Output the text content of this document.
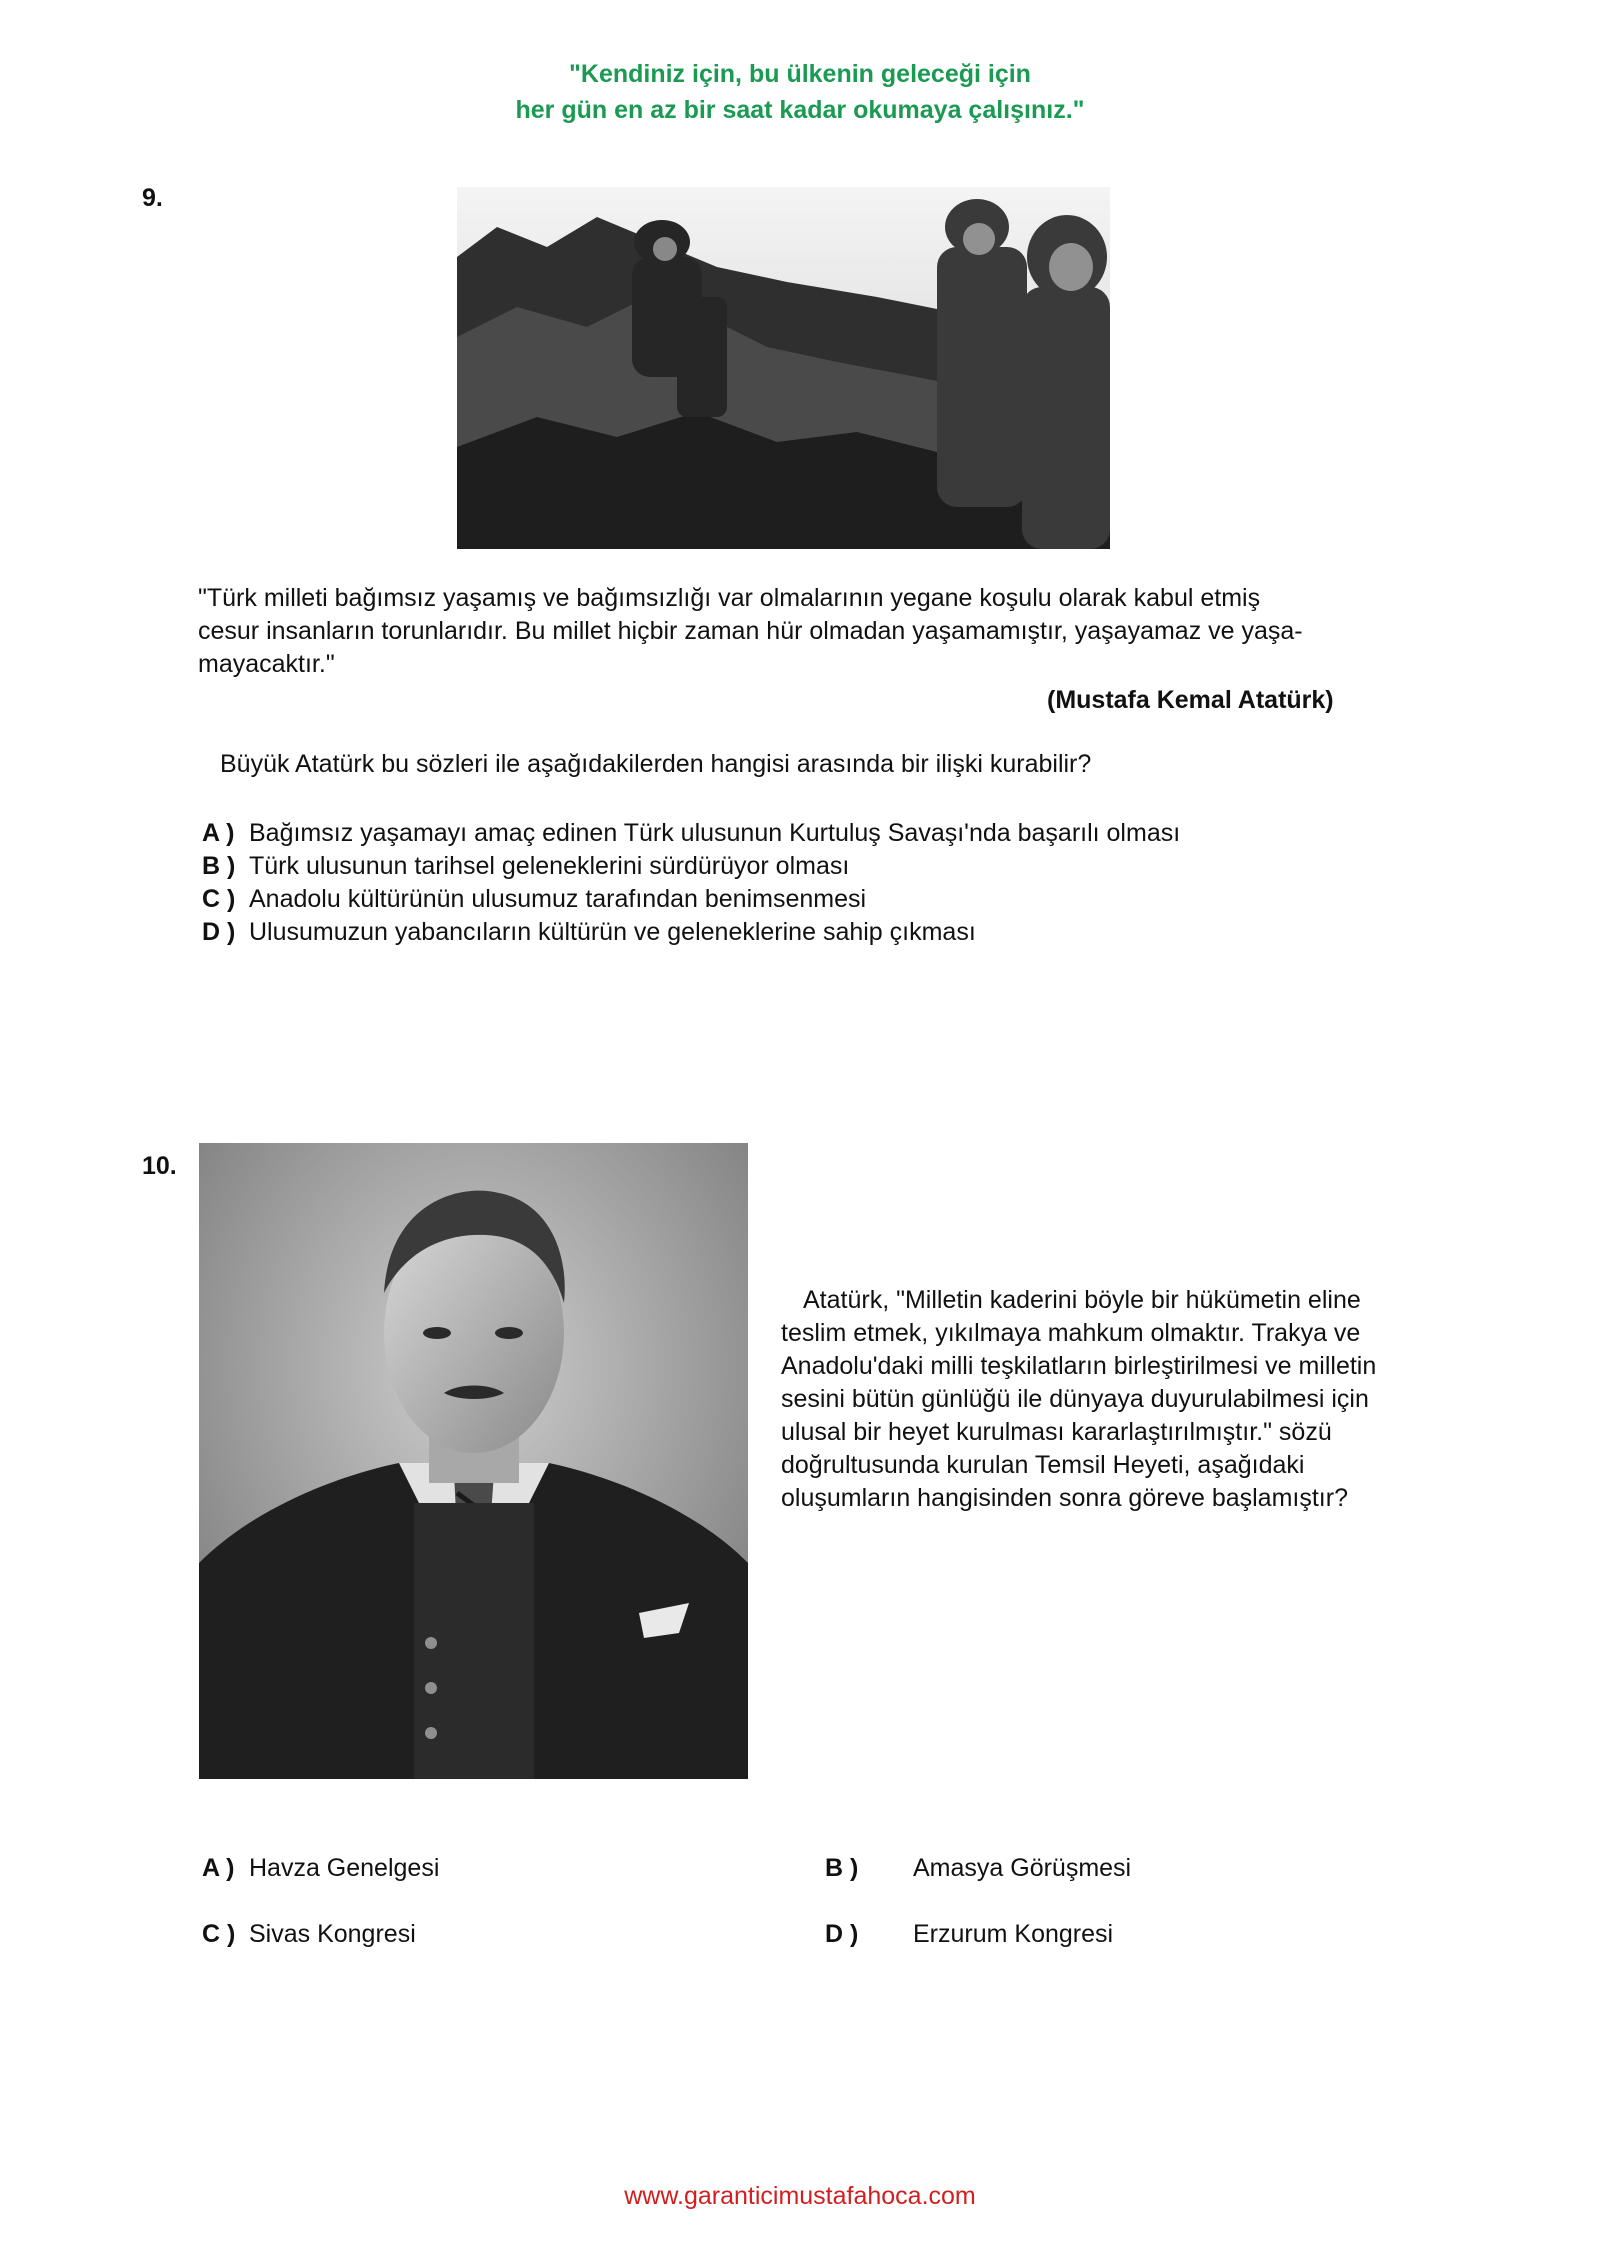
"Kendiniz için, bu ülkenin geleceği için
her gün en az bir saat kadar okumaya çalışınız."
9.
"Türk milleti bağımsız yaşamış ve bağımsızlığı var olmalarının yegane koşulu olarak kabul etmiş
cesur insanların torunlarıdır. Bu millet hiçbir zaman hür olmadan yaşamamıştır, yaşayamaz ve yaşa-
mayacaktır."
(Mustafa Kemal Atatürk)
Büyük Atatürk bu sözleri ile aşağıdakilerden hangisi arasında bir ilişki kurabilir?
A ) Bağımsız yaşamayı amaç edinen Türk ulusunun Kurtuluş Savaşı'nda başarılı olması
B ) Türk ulusunun tarihsel geleneklerini sürdürüyor olması
C ) Anadolu kültürünün ulusumuz tarafından benimsenmesi
D ) Ulusumuzun yabancıların kültürün ve geleneklerine sahip çıkması
10.
Atatürk, "Milletin kaderini böyle bir hükümetin eline
teslim etmek, yıkılmaya mahkum olmaktır. Trakya ve
Anadolu'daki milli teşkilatların birleştirilmesi ve milletin
sesini bütün günlüğü ile dünyaya duyurulabilmesi için
ulusal bir heyet kurulması kararlaştırılmıştır." sözü
doğrultusunda kurulan Temsil Heyeti, aşağıdaki
oluşumların hangisinden sonra göreve başlamıştır?
A ) Havza Genelgesi	B ) Amasya Görüşmesi
C ) Sivas Kongresi	D ) Erzurum Kongresi
www.garanticimustafahoca.com
